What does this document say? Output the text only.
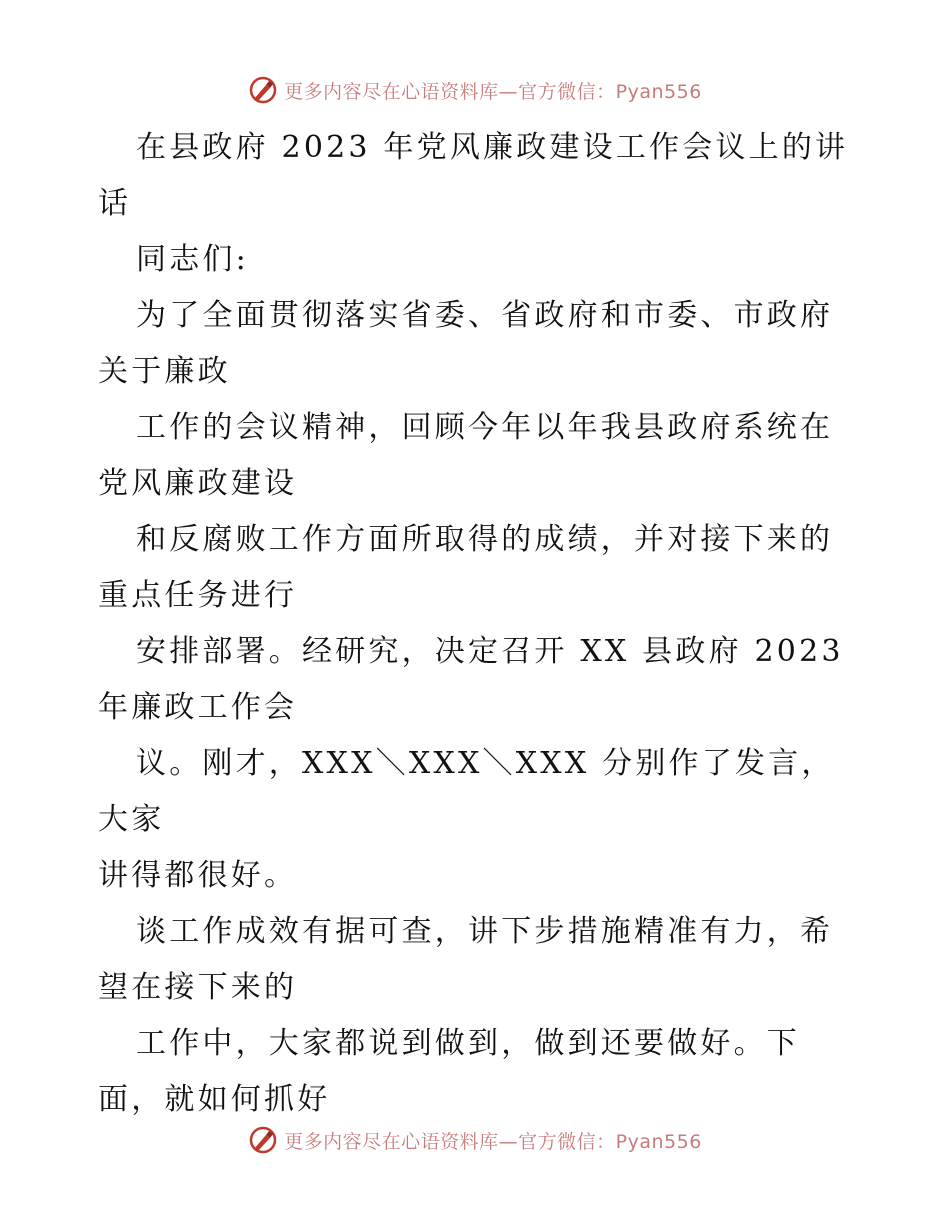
更多内容尽在心语资料库—官方微信：Pyan556

在县政府 2023 年党风廉政建设工作会议上的讲
话

同志们:

为了全面贯彻落实省委、省政府和市委、市政府
关于廉政

工作的会议精神，回顾今年以年我县政府系统在
党风廉政建设

和反腐败工作方面所取得的成绩，并对接下来的
重点任务进行

安排部署。经研究，决定召开 XX 县政府 2023
年廉政工作会

议。刚才，XXX＼XXX＼XXX 分别作了发言，大家
讲得都很好。

谈工作成效有据可查，讲下步措施精准有力，希
望在接下来的

工作中，大家都说到做到，做到还要做好。下
面，就如何抓好

更多内容尽在心语资料库—官方微信：Pyan556
